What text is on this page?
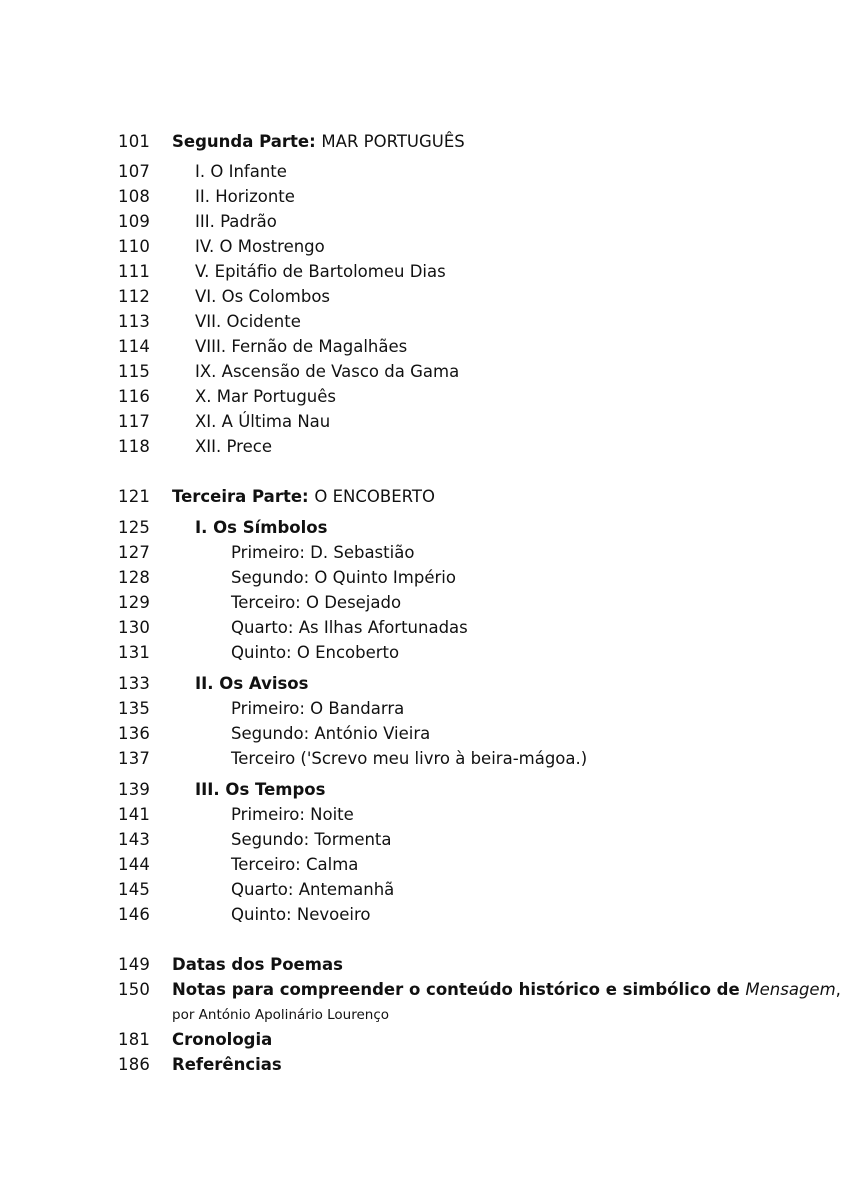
101 Segunda Parte: MAR PORTUGUÊS
107	I. O Infante
108	II. Horizonte
109	III. Padrão
110	IV. O Mostrengo
111	V. Epitáfio de Bartolomeu Dias
112	VI. Os Colombos
113	VII. Ocidente
114	VIII. Fernão de Magalhães
115	IX. Ascensão de Vasco da Gama
116	X. Mar Português
117	XI. A Última Nau
118	XII. Prece
121 Terceira Parte: O ENCOBERTO
125	I. Os Símbolos
127	Primeiro: D. Sebastião
128	Segundo: O Quinto Império
129	Terceiro: O Desejado
130	Quarto: As Ilhas Afortunadas
131	Quinto: O Encoberto
133	II. Os Avisos
135	Primeiro: O Bandarra
136	Segundo: António Vieira
137	Terceiro ('Screvo meu livro à beira-mágoa.)
139	III. Os Tempos
141	Primeiro: Noite
143	Segundo: Tormenta
144	Terceiro: Calma
145	Quarto: Antemanhã
146	Quinto: Nevoeiro
149 Datas dos Poemas
150 Notas para compreender o conteúdo histórico e simbólico de Mensagem,
por António Apolinário Lourenço
181 Cronologia
186 Referências
